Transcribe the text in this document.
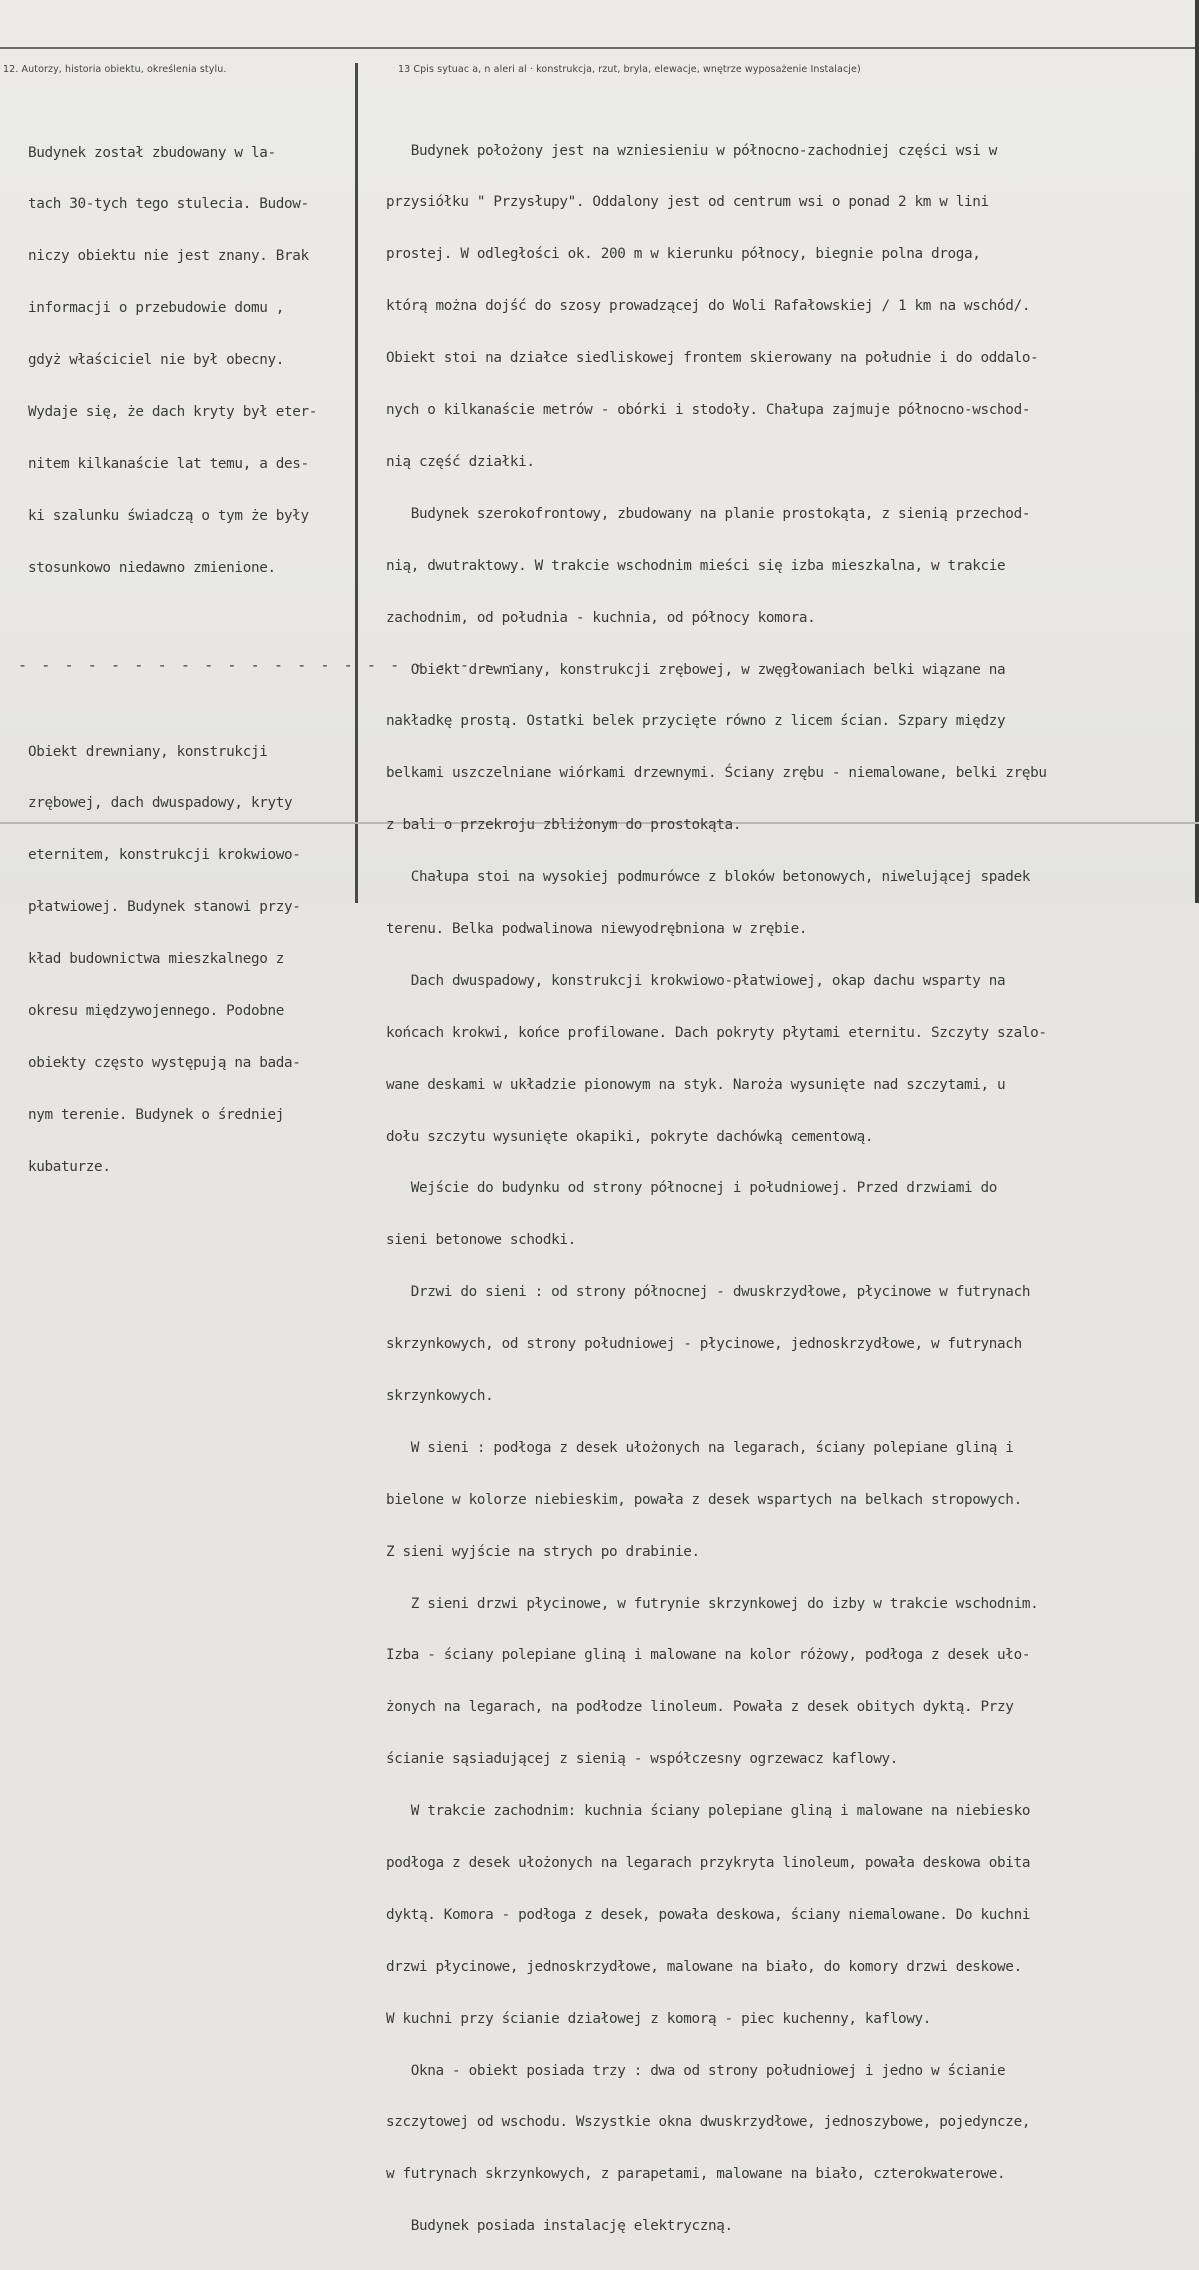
12. Autorzy, historia obiektu, określenia stylu.	13 Cpis sytuac a, n aleri al · konstrukcja, rzut, bryla, elewacje, wnętrze wyposażenie Instalacje)

Budynek został zbudowany w la-

tach 30-tych tego stulecia. Budow-

niczy obiektu nie jest znany. Brak

informacji o przebudowie domu ,

gdyż właściciel nie był obecny.

Wydaje się, że dach kryty był eter-

nitem kilkanaście lat temu, a des-

ki szalunku świadczą o tym że były

stosunkowo niedawno zmienione.

- - - - - - - - - - - - - - - - - - - - - -

Obiekt drewniany, konstrukcji

zrębowej, dach dwuspadowy, kryty

eternitem, konstrukcji krokwiowo-

płatwiowej. Budynek stanowi przy-

kład budownictwa mieszkalnego z

okresu międzywojennego. Podobne

obiekty często występują na bada-

nym terenie. Budynek o średniej

kubaturze.

Budynek położony jest na wzniesieniu w północno-zachodniej części wsi w

przysiółku " Przysłupy". Oddalony jest od centrum wsi o ponad 2 km w lini

prostej. W odległości ok. 200 m w kierunku północy, biegnie polna droga,

którą można dojść do szosy prowadzącej do Woli Rafałowskiej / 1 km na wschód/.

Obiekt stoi na działce siedliskowej frontem skierowany na południe i do oddalo-

nych o kilkanaście metrów - obórki i stodoły. Chałupa zajmuje północno-wschod-

nią część działki.

Budynek szerokofrontowy, zbudowany na planie prostokąta, z sienią przechod-

nią, dwutraktowy. W trakcie wschodnim mieści się izba mieszkalna, w trakcie

zachodnim, od południa - kuchnia, od północy komora.

Obiekt drewniany, konstrukcji zrębowej, w zwęgłowaniach belki wiązane na

nakładkę prostą. Ostatki belek przycięte równo z licem ścian. Szpary między

belkami uszczelniane wiórkami drzewnymi. Ściany zrębu - niemalowane, belki zrębu

z bali o przekroju zbliżonym do prostokąta.

Chałupa stoi na wysokiej podmurówce z bloków betonowych, niwelującej spadek

terenu. Belka podwalinowa niewyodrębniona w zrębie.

Dach dwuspadowy, konstrukcji krokwiowo-płatwiowej, okap dachu wsparty na

końcach krokwi, końce profilowane. Dach pokryty płytami eternitu. Szczyty szalo-

wane deskami w układzie pionowym na styk. Naroża wysunięte nad szczytami, u

dołu szczytu wysunięte okapiki, pokryte dachówką cementową.

Wejście do budynku od strony północnej i południowej. Przed drzwiami do

sieni betonowe schodki.

Drzwi do sieni : od strony północnej - dwuskrzydłowe, płycinowe w futrynach

skrzynkowych, od strony południowej - płycinowe, jednoskrzydłowe, w futrynach

skrzynkowych.

W sieni : podłoga z desek ułożonych na legarach, ściany polepiane gliną i

bielone w kolorze niebieskim, powała z desek wspartych na belkach stropowych.

Z sieni wyjście na strych po drabinie.

Z sieni drzwi płycinowe, w futrynie skrzynkowej do izby w trakcie wschodnim.

Izba - ściany polepiane gliną i malowane na kolor różowy, podłoga z desek uło-

żonych na legarach, na podłodze linoleum. Powała z desek obitych dyktą. Przy

ścianie sąsiadującej z sienią - współczesny ogrzewacz kaflowy.

W trakcie zachodnim: kuchnia ściany polepiane gliną i malowane na niebiesko

podłoga z desek ułożonych na legarach przykryta linoleum, powała deskowa obita

dyktą. Komora - podłoga z desek, powała deskowa, ściany niemalowane. Do kuchni

drzwi płycinowe, jednoskrzydłowe, malowane na biało, do komory drzwi deskowe.

W kuchni przy ścianie działowej z komorą - piec kuchenny, kaflowy.

Okna - obiekt posiada trzy : dwa od strony południowej i jedno w ścianie

szczytowej od wschodu. Wszystkie okna dwuskrzydłowe, jednoszybowe, pojedyncze,

w futrynach skrzynkowych, z parapetami, malowane na biało, czterokwaterowe.

Budynek posiada instalację elektryczną.
